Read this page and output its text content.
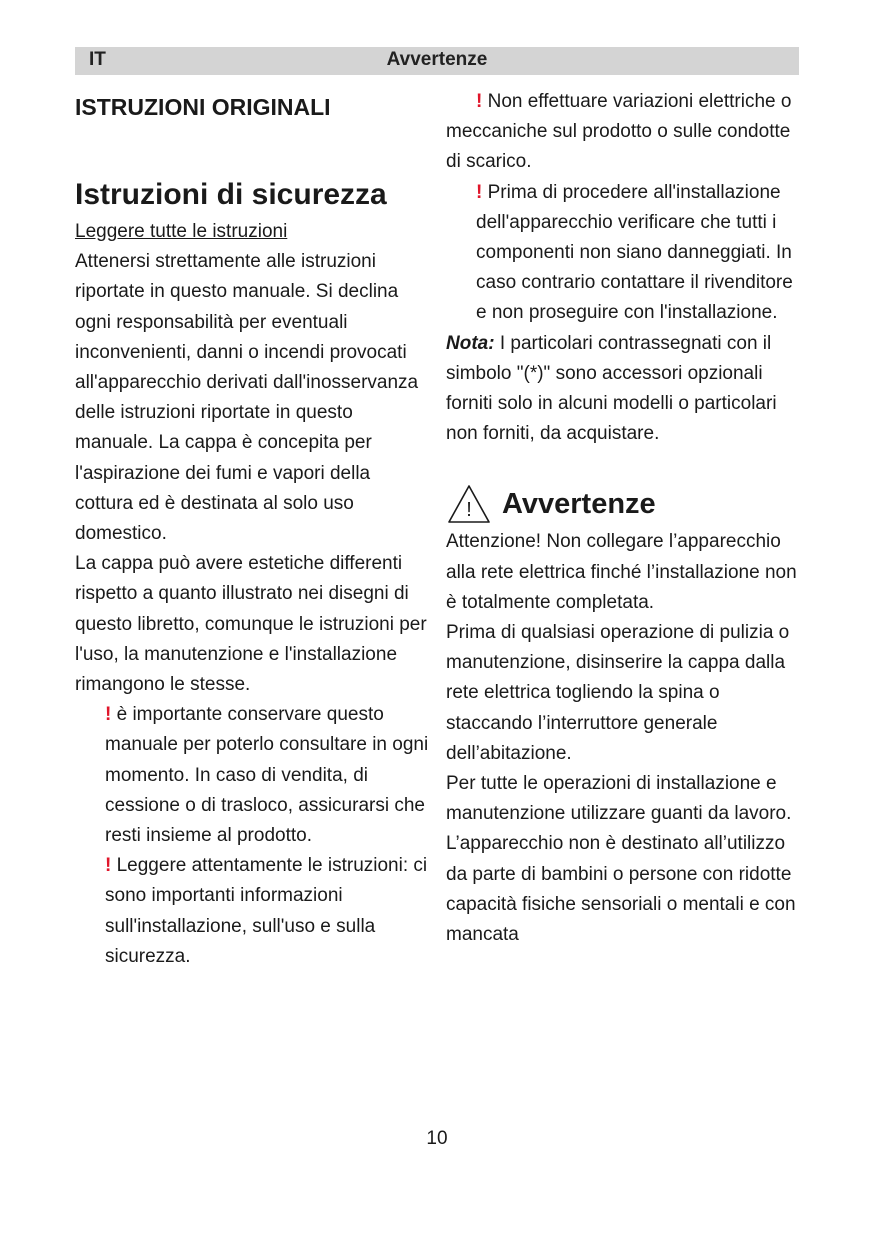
IT	Avvertenze
ISTRUZIONI ORIGINALI
Istruzioni di sicurezza

Leggere tutte le istruzioni

Attenersi strettamente alle istruzioni riportate in questo manuale. Si declina ogni responsabilità per eventuali inconvenienti, danni o incendi provocati all'apparecchio derivati dall'inosservanza delle istruzioni riportate in questo manuale. La cappa è concepita per l'aspirazione dei fumi e vapori della cottura ed è destinata al solo uso domestico.

La cappa può avere estetiche differenti rispetto a quanto illustrato nei disegni di questo libretto, comunque le istruzioni per l'uso, la manutenzione e l'installazione rimangono le stesse.

! è importante conservare questo manuale per poterlo consultare in ogni momento. In caso di vendita, di cessione o di trasloco, assicurarsi che resti insieme al prodotto.

! Leggere attentamente le istruzioni: ci sono importanti informazioni sull'installazione, sull'uso e sulla sicurezza.

! Non effettuare variazioni elettriche o meccaniche sul prodotto o sulle condotte di scarico.

! Prima di procedere all'installazione dell'apparecchio verificare che tutti i componenti non siano danneggiati. In caso contrario contattare il rivenditore e non proseguire con l'installazione.

Nota: I particolari contrassegnati con il simbolo "(*)" sono accessori opzionali forniti solo in alcuni modelli o particolari non forniti, da acquistare.

! Avvertenze

Attenzione! Non collegare l’apparecchio alla rete elettrica finché l’installazione non è totalmente completata.

Prima di qualsiasi operazione di pulizia o manutenzione, disinserire la cappa dalla rete elettrica togliendo la spina o staccando l’interruttore generale dell’abitazione.

Per tutte le operazioni di installazione e manutenzione utilizzare guanti da lavoro.

L’apparecchio non è destinato all’utilizzo da parte di bambini o persone con ridotte capacità fisiche sensoriali o mentali e con mancata

10
